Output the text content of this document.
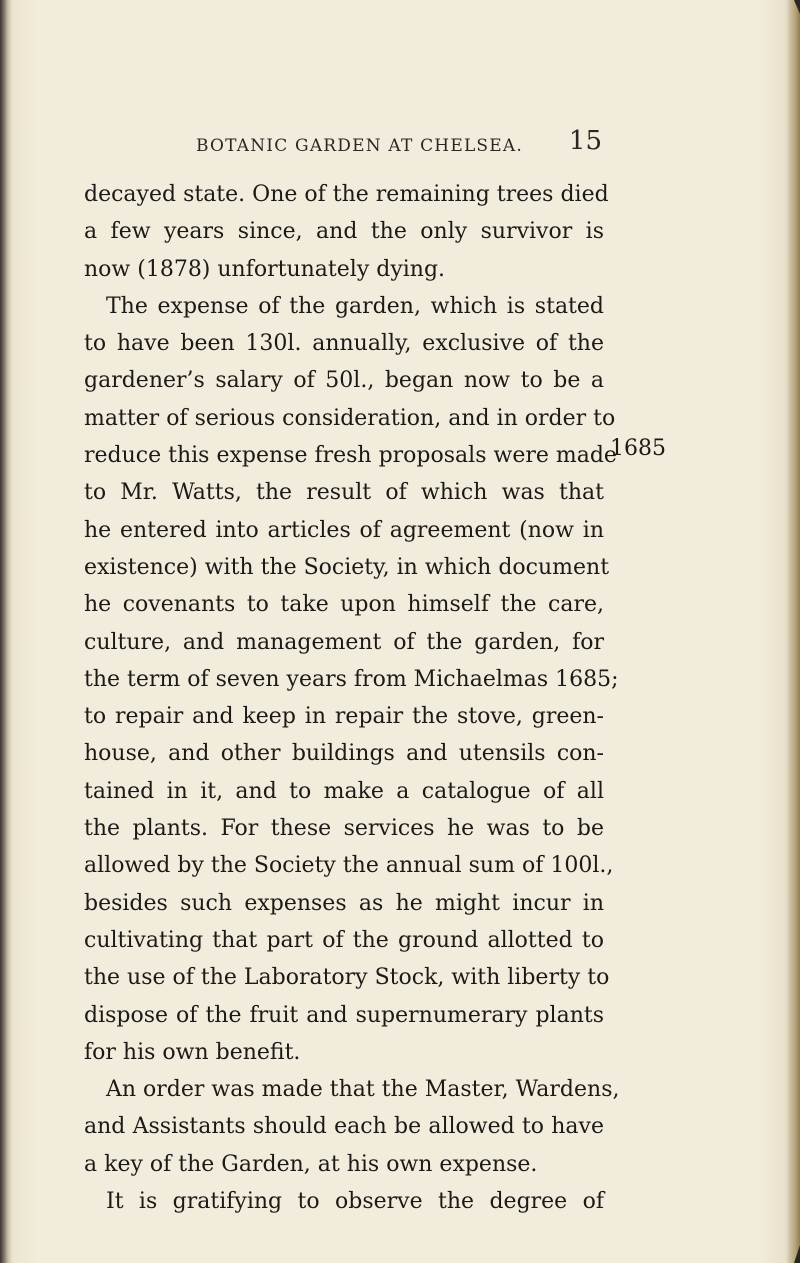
BOTANIC GARDEN AT CHELSEA. 15
decayed state. One of the remaining trees died
a few years since, and the only survivor is
now (1878) unfortunately dying.
The expense of the garden, which is stated
to have been 130l. annually, exclusive of the
gardener’s salary of 50l., began now to be a
matter of serious consideration, and in order to
reduce this expense fresh proposals were made
to Mr. Watts, the result of which was that
he entered into articles of agreement (now in
existence) with the Society, in which document
he covenants to take upon himself the care,
culture, and management of the garden, for
the term of seven years from Michaelmas 1685;
to repair and keep in repair the stove, green-
house, and other buildings and utensils con-
tained in it, and to make a catalogue of all
the plants. For these services he was to be
allowed by the Society the annual sum of 100l.,
besides such expenses as he might incur in
cultivating that part of the ground allotted to
the use of the Laboratory Stock, with liberty to
dispose of the fruit and supernumerary plants
for his own benefit.
An order was made that the Master, Wardens,
and Assistants should each be allowed to have
a key of the Garden, at his own expense.
It is gratifying to observe the degree of
1685
